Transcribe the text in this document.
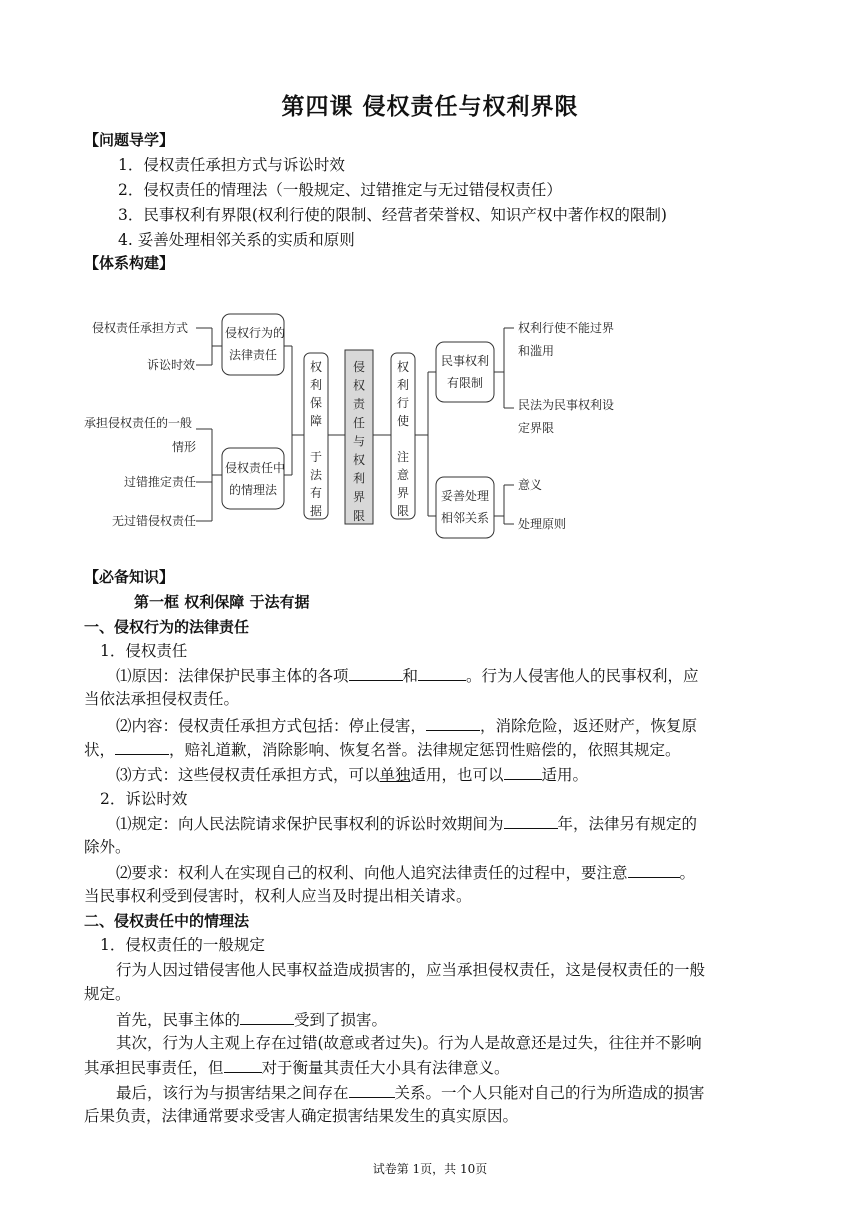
第四课 侵权责任与权利界限
【问题导学】
1．侵权责任承担方式与诉讼时效
2．侵权责任的情理法（一般规定、过错推定与无过错侵权责任）
3．民事权利有界限(权利行使的限制、经营者荣誉权、知识产权中著作权的限制)
4. 妥善处理相邻关系的实质和原则
【体系构建】
侵权责任承担方式
诉讼时效
承担侵权责任的一般
情形
过错推定责任
无过错侵权责任
侵权行为的
法律责任
侵权责任中
的情理法
权
利
保
障
于
法
有
据
侵
权
责
任
与
权
利
界
限
权
利
行
使
注
意
界
限
民事权利
有限制
妥善处理
相邻关系
权利行使不能过界
和滥用
民法为民事权利设
定界限
意义
处理原则
【必备知识】
第一框 权利保障 于法有据
一、侵权行为的法律责任
1．侵权责任
⑴原因：法律保护民事主体的各项	和	。行为人侵害他人的民事权利，应
当依法承担侵权责任。
⑵内容：侵权责任承担方式包括：停止侵害，	，消除危险，返还财产，恢复原
状，	，赔礼道歉，消除影响、恢复名誉。法律规定惩罚性赔偿的，依照其规定。
⑶方式：这些侵权责任承担方式，可以单独适用，也可以 适用。
2．诉讼时效
⑴规定：向人民法院请求保护民事权利的诉讼时效期间为	年，法律另有规定的
除外。
⑵要求：权利人在实现自己的权利、向他人追究法律责任的过程中，要注意	。
当民事权利受到侵害时，权利人应当及时提出相关请求。
二、侵权责任中的情理法
1．侵权责任的一般规定
行为人因过错侵害他人民事权益造成损害的，应当承担侵权责任，这是侵权责任的一般
规定。
首先，民事主体的	受到了损害。
其次，行为人主观上存在过错(故意或者过失)。行为人是故意还是过失，往往并不影响
其承担民事责任，但 对于衡量其责任大小具有法律意义。
最后，该行为与损害结果之间存在	关系。一个人只能对自己的行为所造成的损害
后果负责，法律通常要求受害人确定损害结果发生的真实原因。
试卷第 1页，共 10页
